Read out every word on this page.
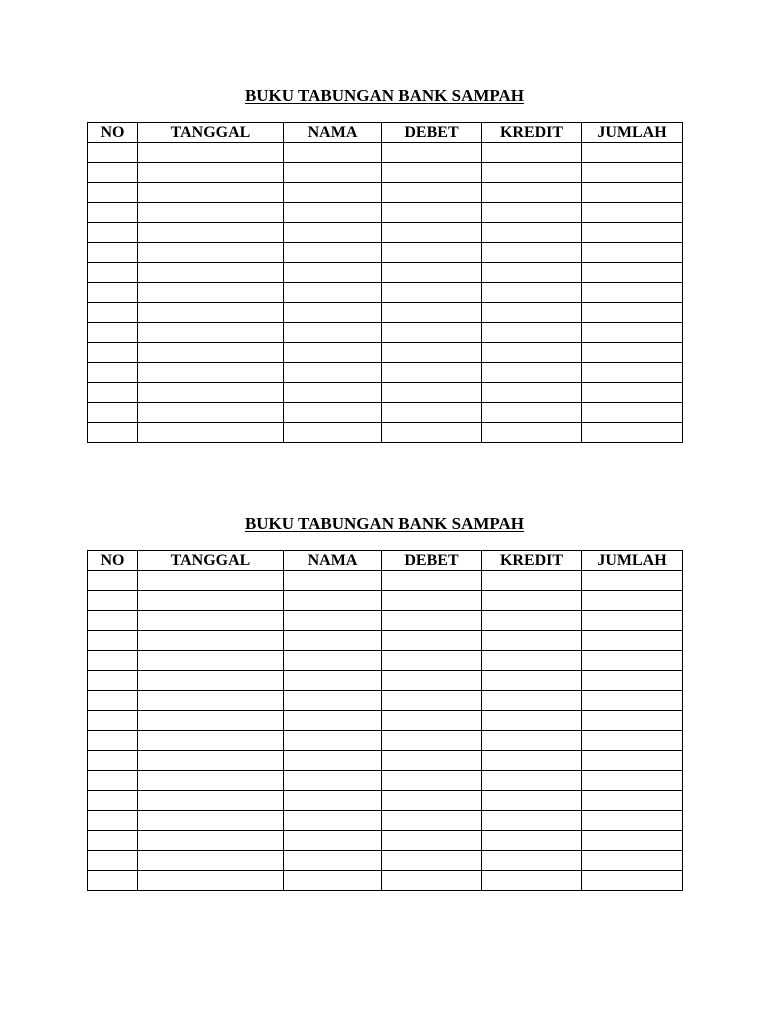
BUKU TABUNGAN BANK SAMPAH
NO	TANGGAL	NAMA	DEBET	KREDIT	JUMLAH

BUKU TABUNGAN BANK SAMPAH
NO	TANGGAL	NAMA	DEBET	KREDIT	JUMLAH
